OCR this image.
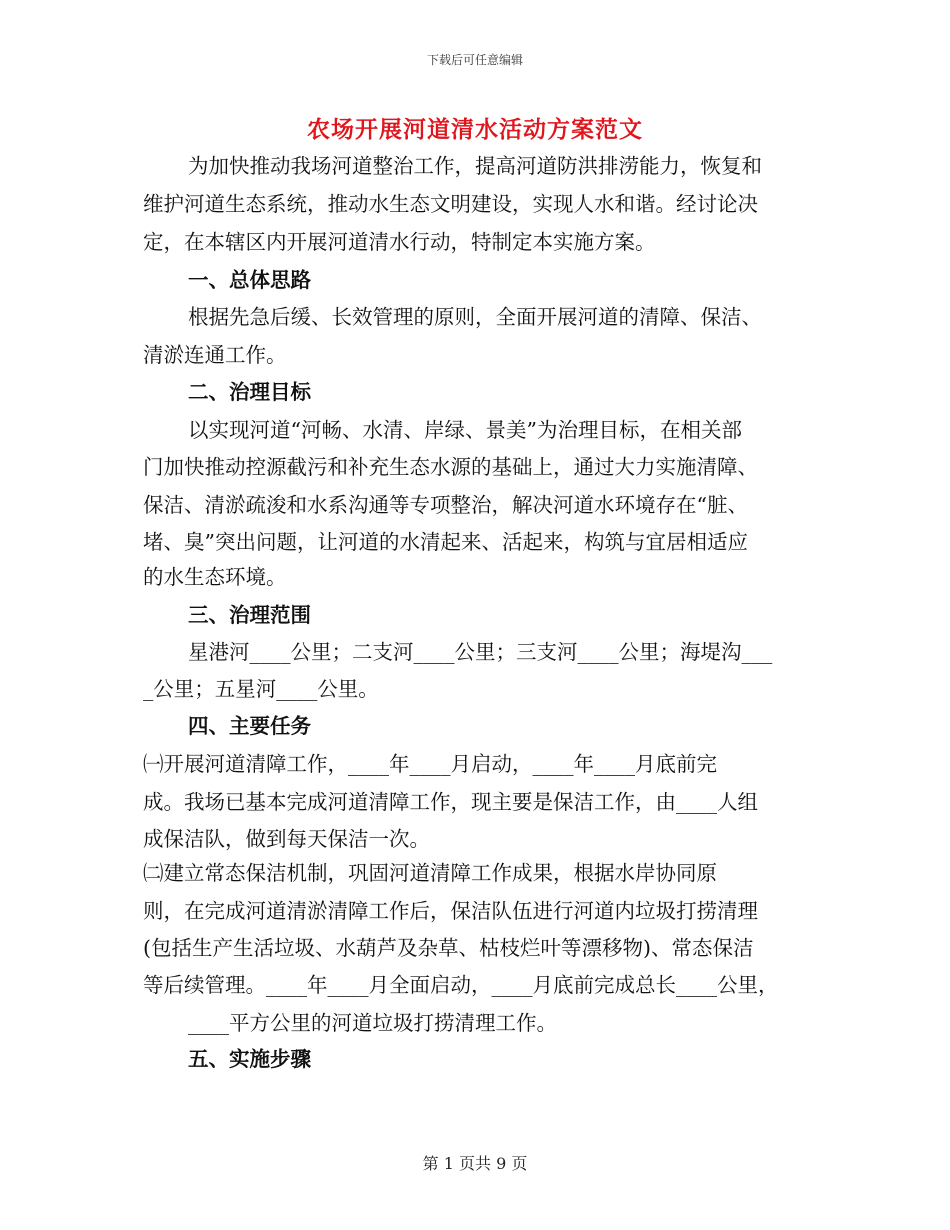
下载后可任意编辑
农场开展河道清水活动方案范文
为加快推动我场河道整治工作，提高河道防洪排涝能力，恢复和
维护河道生态系统，推动水生态文明建设，实现人水和谐。经讨论决
定，在本辖区内开展河道清水行动，特制定本实施方案。
一、总体思路
根据先急后缓、长效管理的原则，全面开展河道的清障、保洁、
清淤连通工作。
二、治理目标
以实现河道“河畅、水清、岸绿、景美”为治理目标，在相关部
门加快推动控源截污和补充生态水源的基础上，通过大力实施清障、
保洁、清淤疏浚和水系沟通等专项整治，解决河道水环境存在“脏、
堵、臭”突出问题，让河道的水清起来、活起来，构筑与宜居相适应
的水生态环境。
三、治理范围
星港河____公里；二支河____公里；三支河____公里；海堤沟___
_公里；五星河____公里。
四、主要任务
㈠开展河道清障工作，____年____月启动，____年____月底前完
成。我场已基本完成河道清障工作，现主要是保洁工作，由____人组
成保洁队，做到每天保洁一次。
㈡建立常态保洁机制，巩固河道清障工作成果，根据水岸协同原
则，在完成河道清淤清障工作后，保洁队伍进行河道内垃圾打捞清理
(包括生产生活垃圾、水葫芦及杂草、枯枝烂叶等漂移物)、常态保洁
等后续管理。____年____月全面启动，____月底前完成总长____公里，
____平方公里的河道垃圾打捞清理工作。
五、实施步骤
第 1 页共 9 页
